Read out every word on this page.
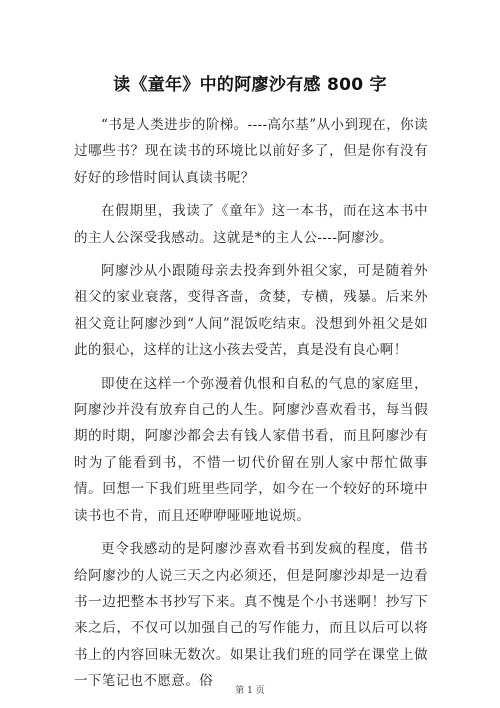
读《童年》中的阿廖沙有感 800 字

“书是人类进步的阶梯。----高尔基”从小到现在，你读过哪些书？现在读书的环境比以前好多了，但是你有没有好好的珍惜时间认真读书呢？

在假期里，我读了《童年》这一本书，而在这本书中的主人公深受我感动。这就是*的主人公----阿廖沙。

阿廖沙从小跟随母亲去投奔到外祖父家，可是随着外祖父的家业衰落，变得吝啬，贪婪，专横，残暴。后来外祖父竟让阿廖沙到“人间”混饭吃结束。没想到外祖父是如此的狠心，这样的让这小孩去受苦，真是没有良心啊！

即使在这样一个弥漫着仇恨和自私的气息的家庭里，阿廖沙并没有放弃自己的人生。阿廖沙喜欢看书，每当假期的时期，阿廖沙都会去有钱人家借书看，而且阿廖沙有时为了能看到书，不惜一切代价留在别人家中帮忙做事情。回想一下我们班里些同学，如今在一个较好的环境中读书也不肯，而且还咿咿哑哑地说烦。

更令我感动的是阿廖沙喜欢看书到发疯的程度，借书给阿廖沙的人说三天之内必须还，但是阿廖沙却是一边看书一边把整本书抄写下来。真不愧是个小书迷啊！抄写下来之后，不仅可以加强自己的写作能力，而且以后可以将书上的内容回味无数次。如果让我们班的同学在课堂上做一下笔记也不愿意。俗

第 1 页
